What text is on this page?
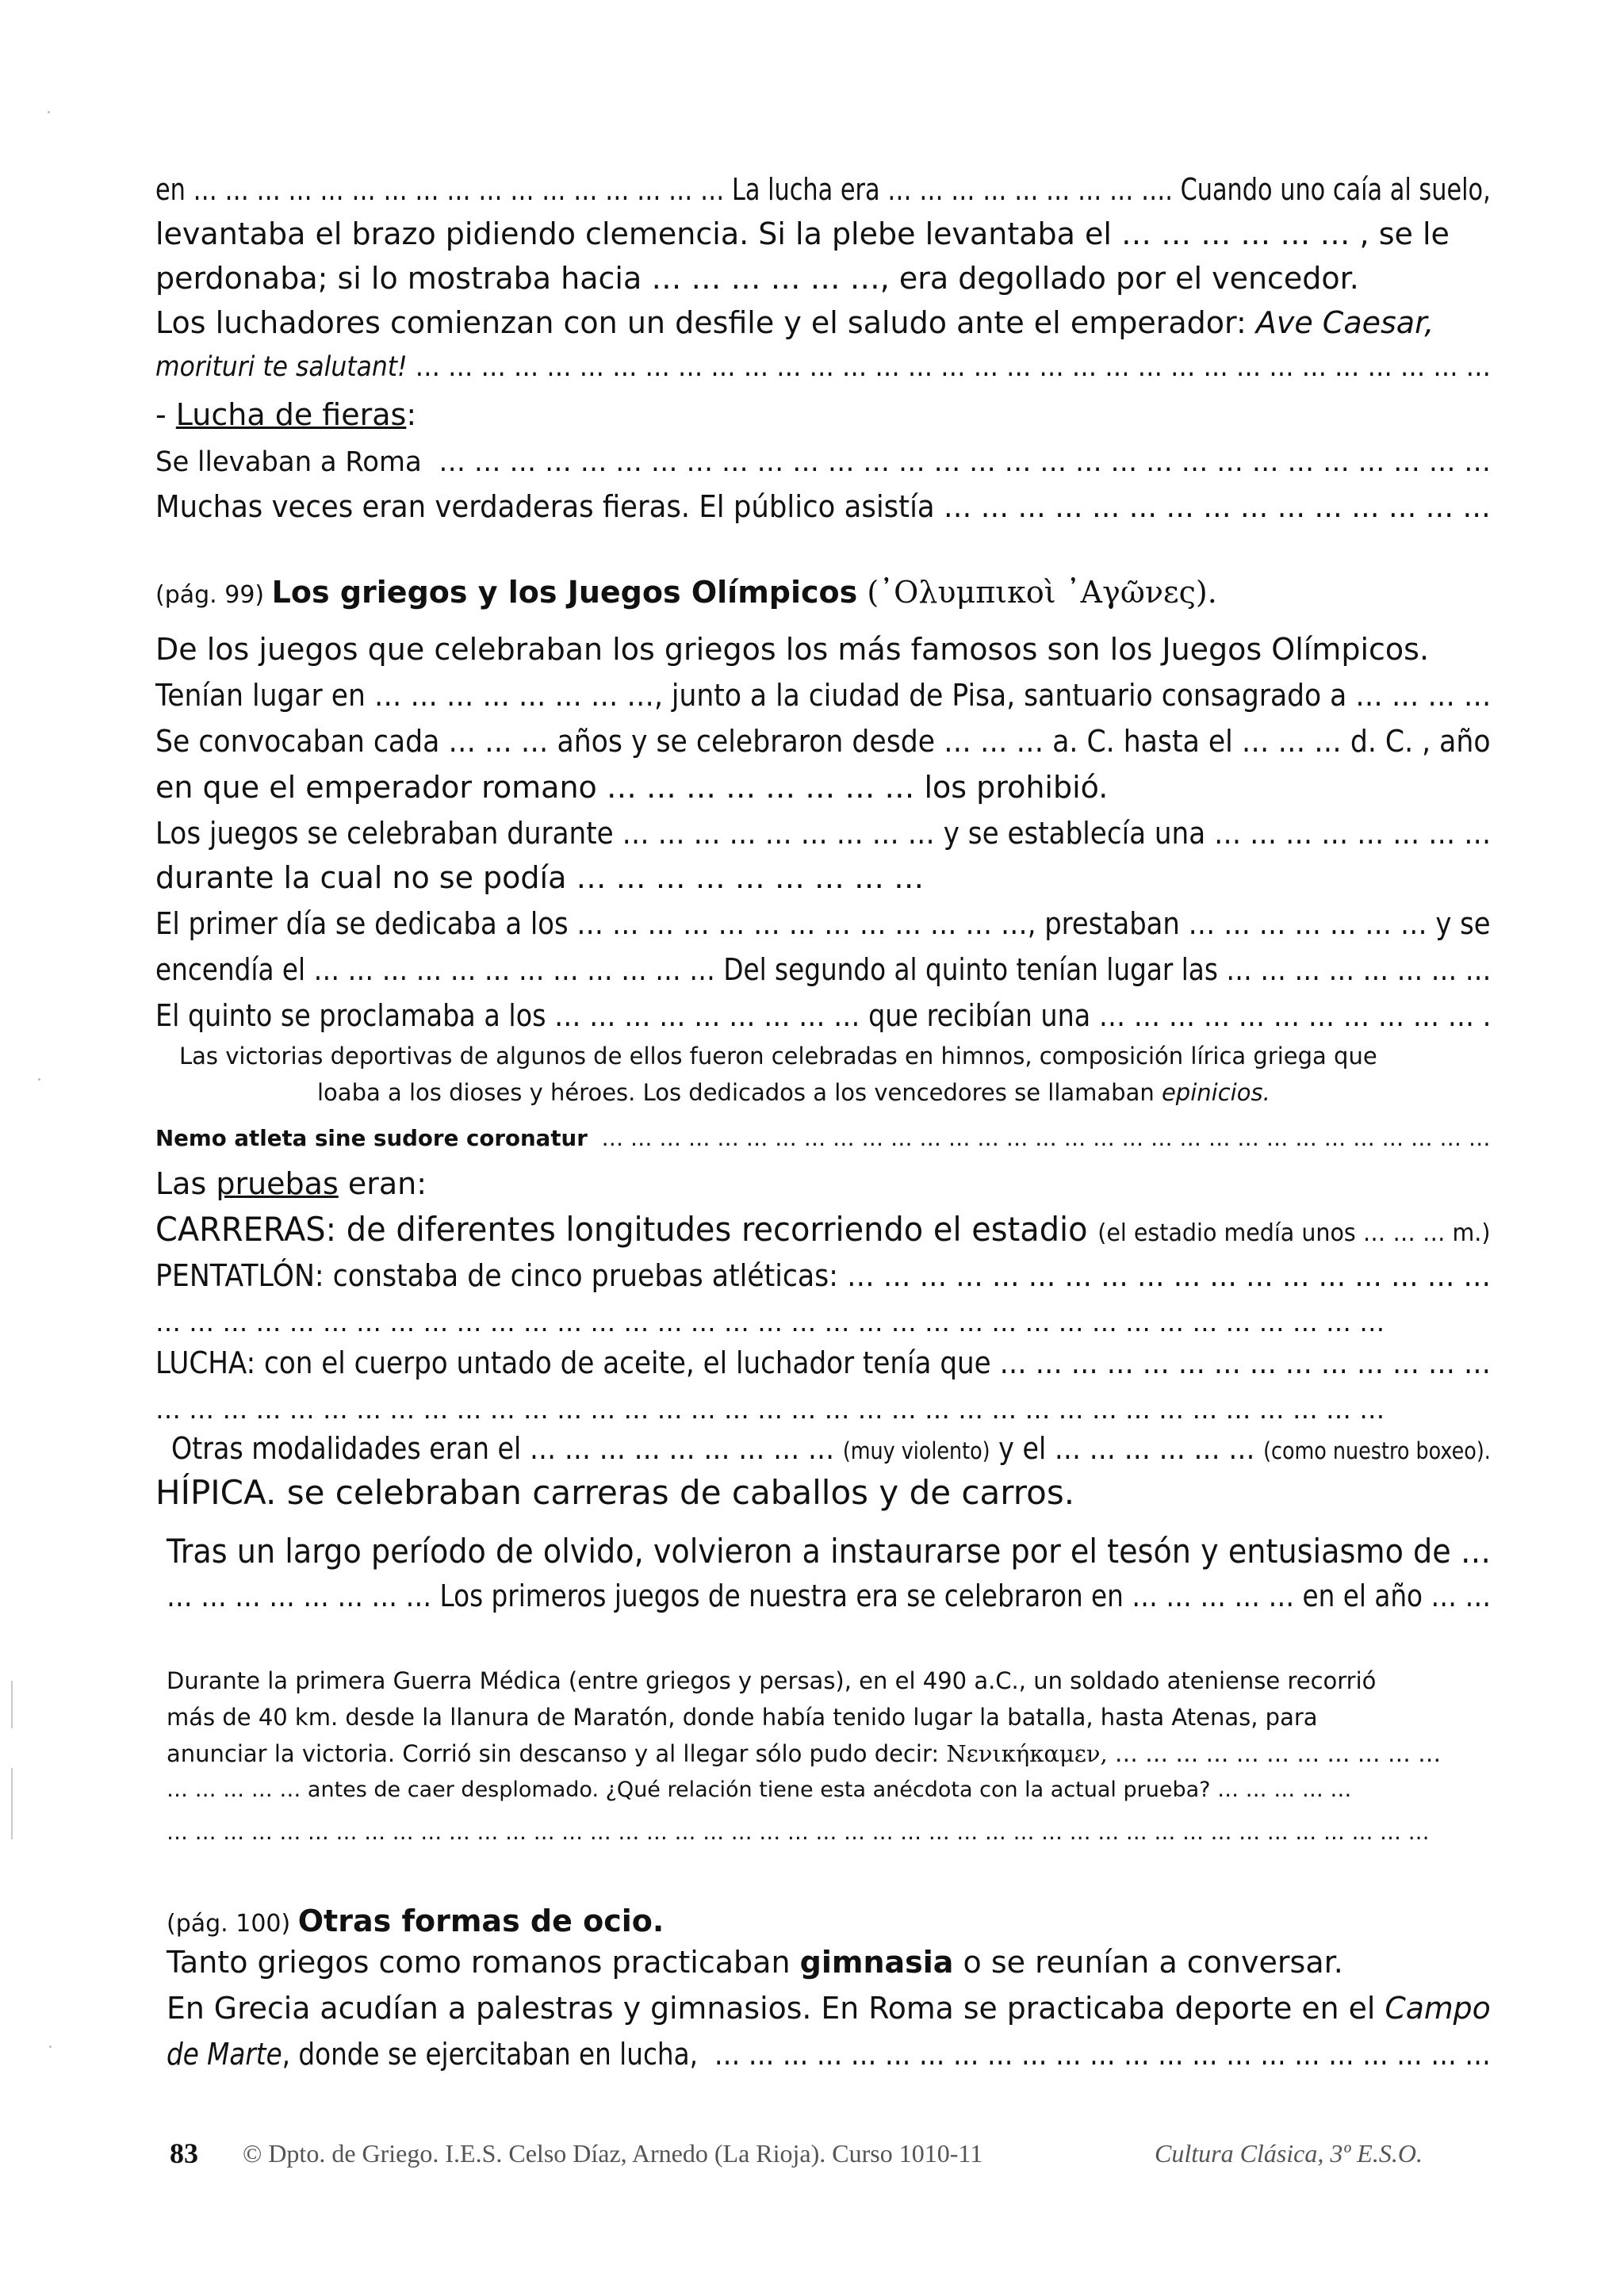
en … … … … … … … … … … … … … … … … … La lucha era … … … … … … … … …. Cuando uno caía al suelo,
levantaba el brazo pidiendo clemencia. Si la plebe levantaba el … … … … … … , se le
perdonaba; si lo mostraba hacia … … … … … …, era degollado por el vencedor.
Los luchadores comienzan con un desfile y el saludo ante el emperador: Ave Caesar,
morituri te salutant! … … … … … … … … … … … … … … … … … … … … … … … … … … … … … … … … …
- Lucha de fieras:
Se llevaban a Roma  … … … … … … … … … … … … … … … … … … … … … … … … … … … … … …
Muchas veces eran verdaderas fieras. El público asistía … … … … … … … … … … … … … … …
(pág. 99) Los griegos y los Juegos Olímpicos (᾿Ολυμπικοὶ ᾿Αγῶνες).
De los juegos que celebraban los griegos los más famosos son los Juegos Olímpicos.
Tenían lugar en … … … … … … … …, junto a la ciudad de Pisa, santuario consagrado a … … … …
Se convocaban cada … … … años y se celebraron desde … … … a. C. hasta el … … … d. C. , año
en que el emperador romano … … … … … … … … los prohibió.
Los juegos se celebraban durante … … … … … … … … … y se establecía una … … … … … … … …
durante la cual no se podía … … … … … … … … …
El primer día se dedicaba a los … … … … … … … … … … … … …, prestaban … … … … … … … y se
encendía el … … … … … … … … … … … … Del segundo al quinto tenían lugar las … … … … … … … …
El quinto se proclamaba a los … … … … … … … … … que recibían una … … … … … … … … … … … .
Las victorias deportivas de algunos de ellos fueron celebradas en himnos, composición lírica griega que
loaba a los dioses y héroes. Los dedicados a los vencedores se llamaban epinicios.
Nemo atleta sine sudore coronatur  … … … … … … … … … … … … … … … … … … … … … … … … … … … … … … …
Las pruebas eran:
CARRERAS: de diferentes longitudes recorriendo el estadio (el estadio medía unos … … … m.)
PENTATLÓN: constaba de cinco pruebas atléticas: … … … … … … … … … … … … … … … … … …
… … … … … … … … … … … … … … … … … … … … … … … … … … … … … … … … … … … … …
LUCHA: con el cuerpo untado de aceite, el luchador tenía que … … … … … … … … … … … … … …
… … … … … … … … … … … … … … … … … … … … … … … … … … … … … … … … … … … … …
Otras modalidades eran el … … … … … … … … … (muy violento) y el … … … … … … (como nuestro boxeo).
HÍPICA. se celebraban carreras de caballos y de carros.
Tras un largo período de olvido, volvieron a instaurarse por el tesón y entusiasmo de …
… … … … … … … … Los primeros juegos de nuestra era se celebraron en … … … … … en el año … …
Durante la primera Guerra Médica (entre griegos y persas), en el 490 a.C., un soldado ateniense recorrió
más de 40 km. desde la llanura de Maratón, donde había tenido lugar la batalla, hasta Atenas, para
anunciar la victoria. Corrió sin descanso y al llegar sólo pudo decir: Νενικήκαμεν, … … … … … … … … … … …
… … … … … antes de caer desplomado. ¿Qué relación tiene esta anécdota con la actual prueba? … … … … …
… … … … … … … … … … … … … … … … … … … … … … … … … … … … … … … … … … … … … … … … … … … … …
(pág. 100) Otras formas de ocio.
Tanto griegos como romanos practicaban gimnasia o se reunían a conversar.
En Grecia acudían a palestras y gimnasios. En Roma se practicaba deporte en el Campo
de Marte, donde se ejercitaban en lucha,  … … … … … … … … … … … … … … … … … … … … … … …
83 © Dpto. de Griego. I.E.S. Celso Díaz, Arnedo (La Rioja). Curso 1010-11	Cultura Clásica, 3º E.S.O.
